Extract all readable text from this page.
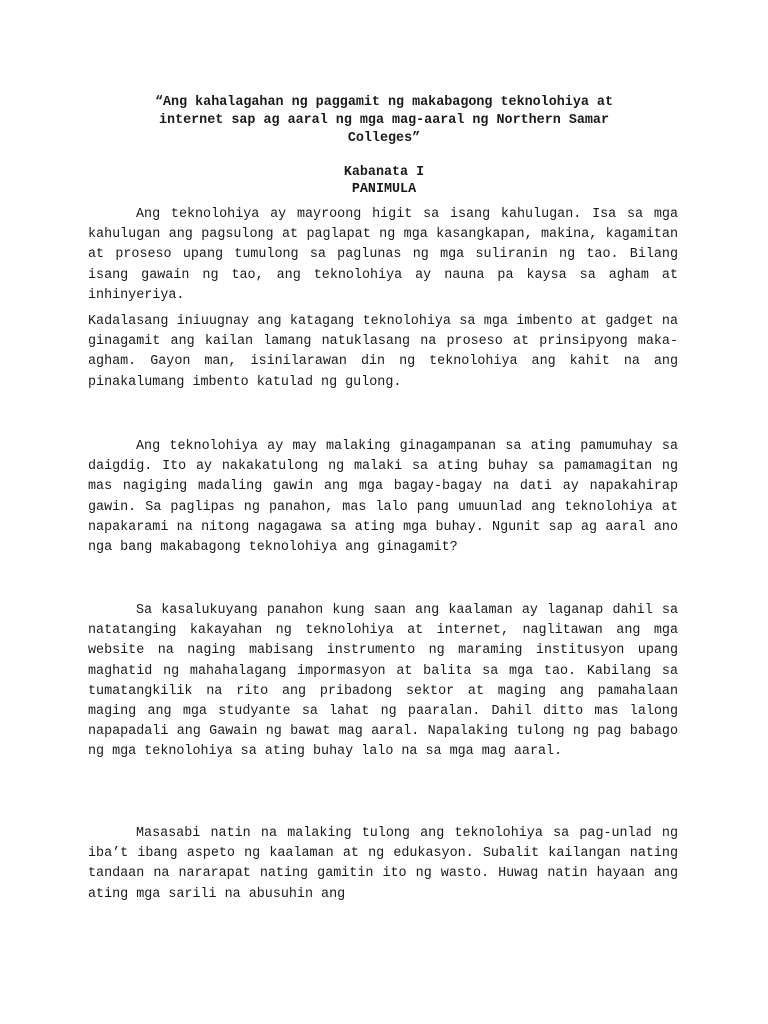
“Ang kahalagahan ng paggamit ng makabagong teknolohiya at
internet sap ag aaral ng mga mag-aaral ng Northern Samar
Colleges”
Kabanata I
PANIMULA
Ang teknolohiya ay mayroong higit sa isang kahulugan. Isa sa mga kahulugan ang pagsulong at paglapat ng mga kasangkapan, makina, kagamitan at proseso upang tumulong sa paglunas ng mga suliranin ng tao. Bilang isang gawain ng tao, ang teknolohiya ay nauna pa kaysa sa agham at inhinyeriya.
Kadalasang iniuugnay ang katagang teknolohiya sa mga imbento at gadget na ginagamit ang kailan lamang natuklasang na proseso at prinsipyong maka-agham. Gayon man, isinilarawan din ng teknolohiya ang kahit na ang pinakalumang imbento katulad ng gulong.
Ang teknolohiya ay may malaking ginagampanan sa ating pamumuhay sa daigdig. Ito ay nakakatulong ng malaki sa ating buhay sa pamamagitan ng mas nagiging madaling gawin ang mga bagay-bagay na dati ay napakahirap gawin. Sa paglipas ng panahon, mas lalo pang umuunlad ang teknolohiya at napakarami na nitong nagagawa sa ating mga buhay. Ngunit sap ag aaral ano nga bang makabagong teknolohiya ang ginagamit?
Sa kasalukuyang panahon kung saan ang kaalaman ay laganap dahil sa natatanging kakayahan ng teknolohiya at internet, naglitawan ang mga website na naging mabisang instrumento ng maraming institusyon upang maghatid ng mahahalagang impormasyon at balita sa mga tao. Kabilang sa tumatangkilik na rito ang pribadong sektor at maging ang pamahalaan maging ang mga studyante sa lahat ng paaralan. Dahil ditto mas lalong napapadali ang Gawain ng bawat mag aaral. Napalaking tulong ng pag babago ng mga teknolohiya sa ating buhay lalo na sa mga mag aaral.
Masasabi natin na malaking tulong ang teknolohiya sa pag-unlad ng iba’t ibang aspeto ng kaalaman at ng edukasyon. Subalit kailangan nating tandaan na nararapat nating gamitin ito ng wasto. Huwag natin hayaan ang ating mga sarili na abusuhin ang
